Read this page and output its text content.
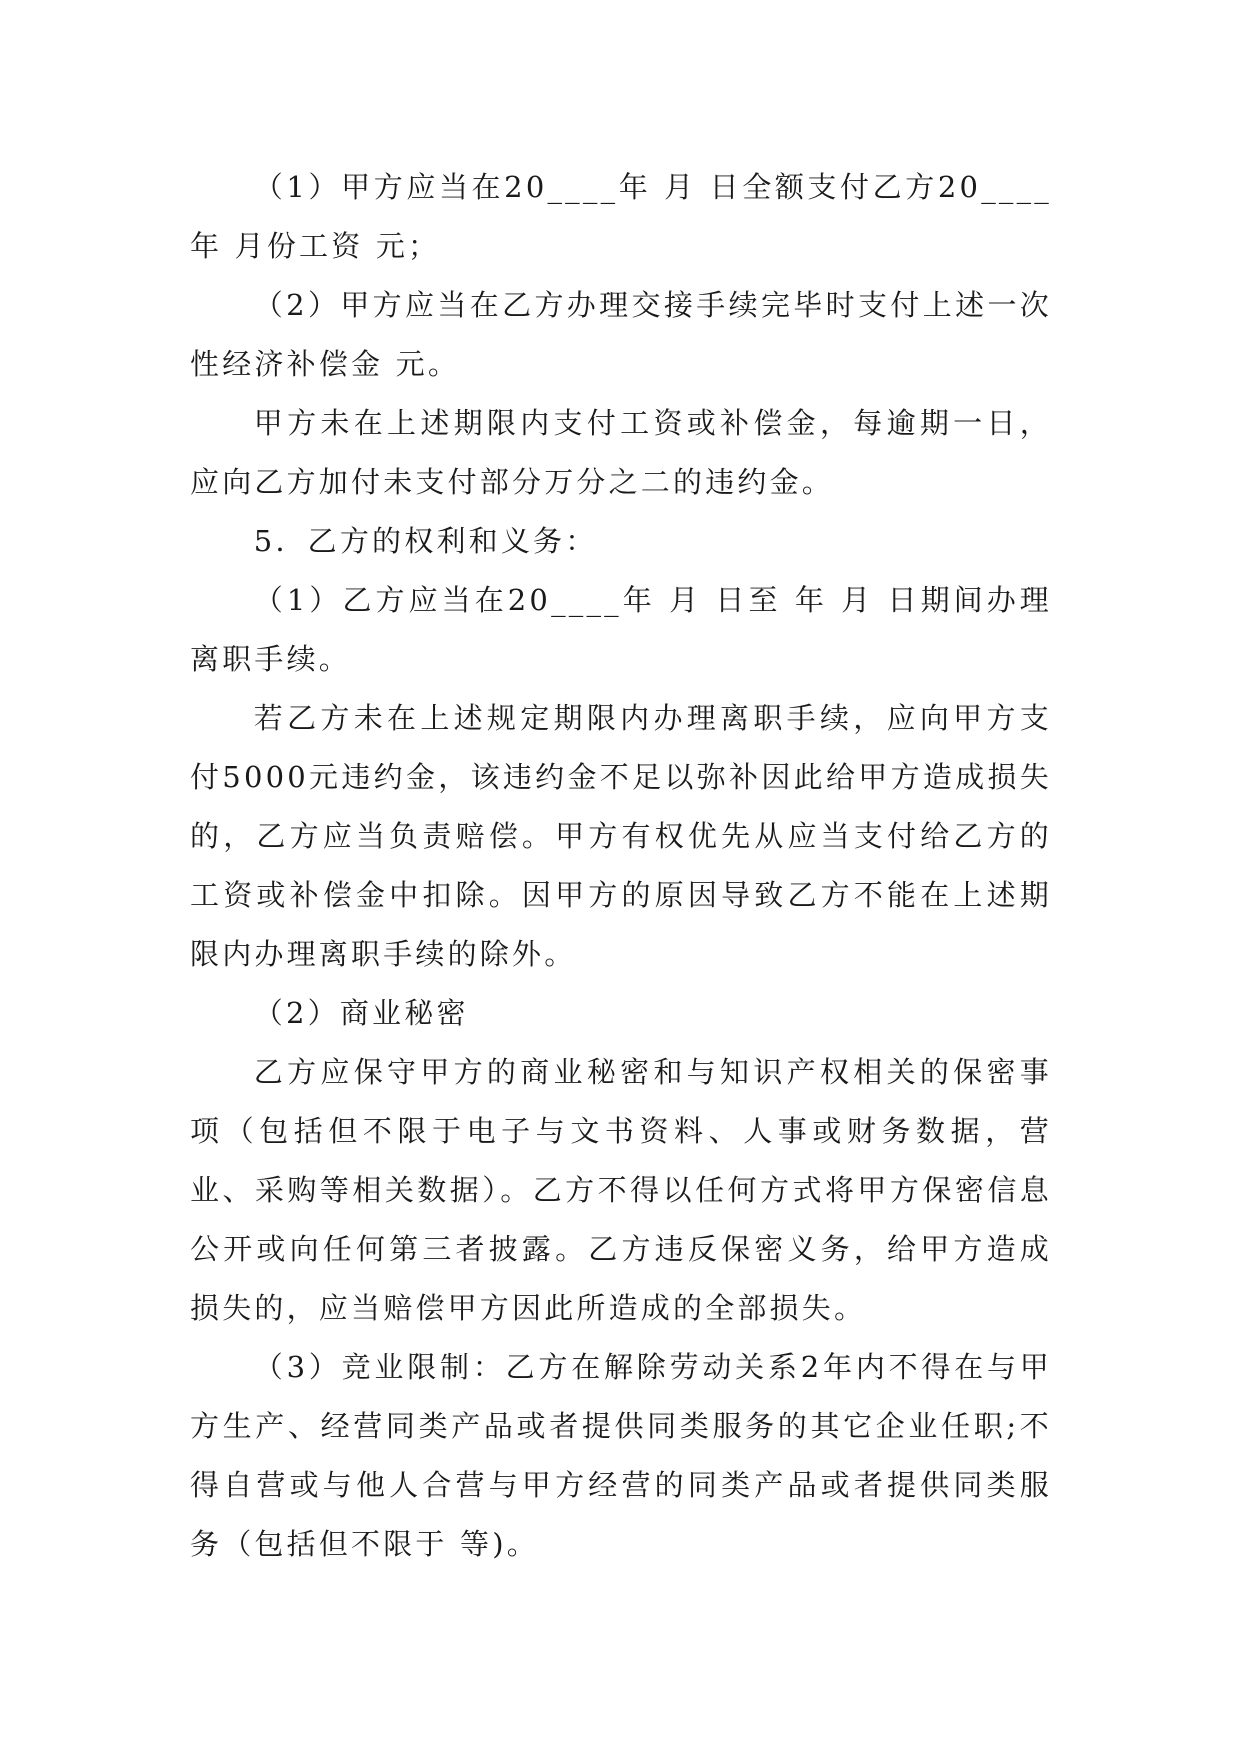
（1）甲方应当在20____年 月 日全额支付乙方20____年 月份工资 元；

（2）甲方应当在乙方办理交接手续完毕时支付上述一次性经济补偿金 元。

甲方未在上述期限内支付工资或补偿金，每逾期一日，应向乙方加付未支付部分万分之二的违约金。

5．乙方的权利和义务：

（1）乙方应当在20____年 月 日至 年 月 日期间办理离职手续。

若乙方未在上述规定期限内办理离职手续，应向甲方支付5000元违约金，该违约金不足以弥补因此给甲方造成损失的，乙方应当负责赔偿。甲方有权优先从应当支付给乙方的工资或补偿金中扣除。因甲方的原因导致乙方不能在上述期限内办理离职手续的除外。

（2）商业秘密

乙方应保守甲方的商业秘密和与知识产权相关的保密事项（包括但不限于电子与文书资料、人事或财务数据，营业、采购等相关数据）。乙方不得以任何方式将甲方保密信息公开或向任何第三者披露。乙方违反保密义务，给甲方造成损失的，应当赔偿甲方因此所造成的全部损失。

（3）竞业限制：乙方在解除劳动关系2年内不得在与甲方生产、经营同类产品或者提供同类服务的其它企业任职;不得自营或与他人合营与甲方经营的同类产品或者提供同类服务（包括但不限于 等)。
